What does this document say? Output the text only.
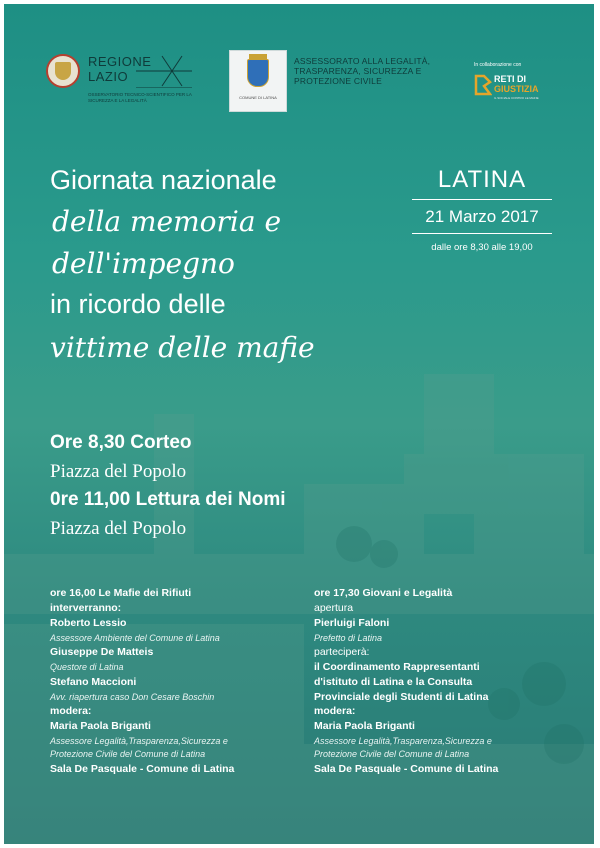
REGIONE
LAZIO
OSSERVATORIO TECNICO-SCIENTIFICO PER LA SICUREZZA E LA LEGALITÀ
COMUNE DI LATINA
ASSESSORATO ALLA LEGALITÀ, TRASPARENZA, SICUREZZA E PROTEZIONE CIVILE
In collaborazione con
RETI DI
GIUSTIZIA
IL SOCIALE CONTRO LE MAFIE
Giornata nazionale
della memoria e
dell'impegno
in ricordo delle
vittime delle mafie
LATINA
21 Marzo 2017
dalle ore 8,30 alle 19,00
Ore 8,30 Corteo
Piazza del Popolo
0re 11,00 Lettura dei Nomi
Piazza del Popolo
ore 16,00 Le Mafie dei Rifiuti
interverranno:
Roberto Lessio
Assessore Ambiente del Comune di Latina
Giuseppe De Matteis
Questore di Latina
Stefano Maccioni
Avv. riapertura caso Don Cesare Boschin
modera:
Maria Paola Briganti
Assessore Legalità,Trasparenza,Sicurezza e
Protezione Civile del Comune di Latina
Sala De Pasquale - Comune di Latina
ore 17,30 Giovani e Legalità
apertura
Pierluigi Faloni
Prefetto di Latina
parteciperà:
il Coordinamento Rappresentanti
d'istituto di Latina e la Consulta
Provinciale degli Studenti di Latina
modera:
Maria Paola Briganti
Assessore Legalità,Trasparenza,Sicurezza e
Protezione Civile del Comune di Latina
Sala De Pasquale - Comune di Latina
